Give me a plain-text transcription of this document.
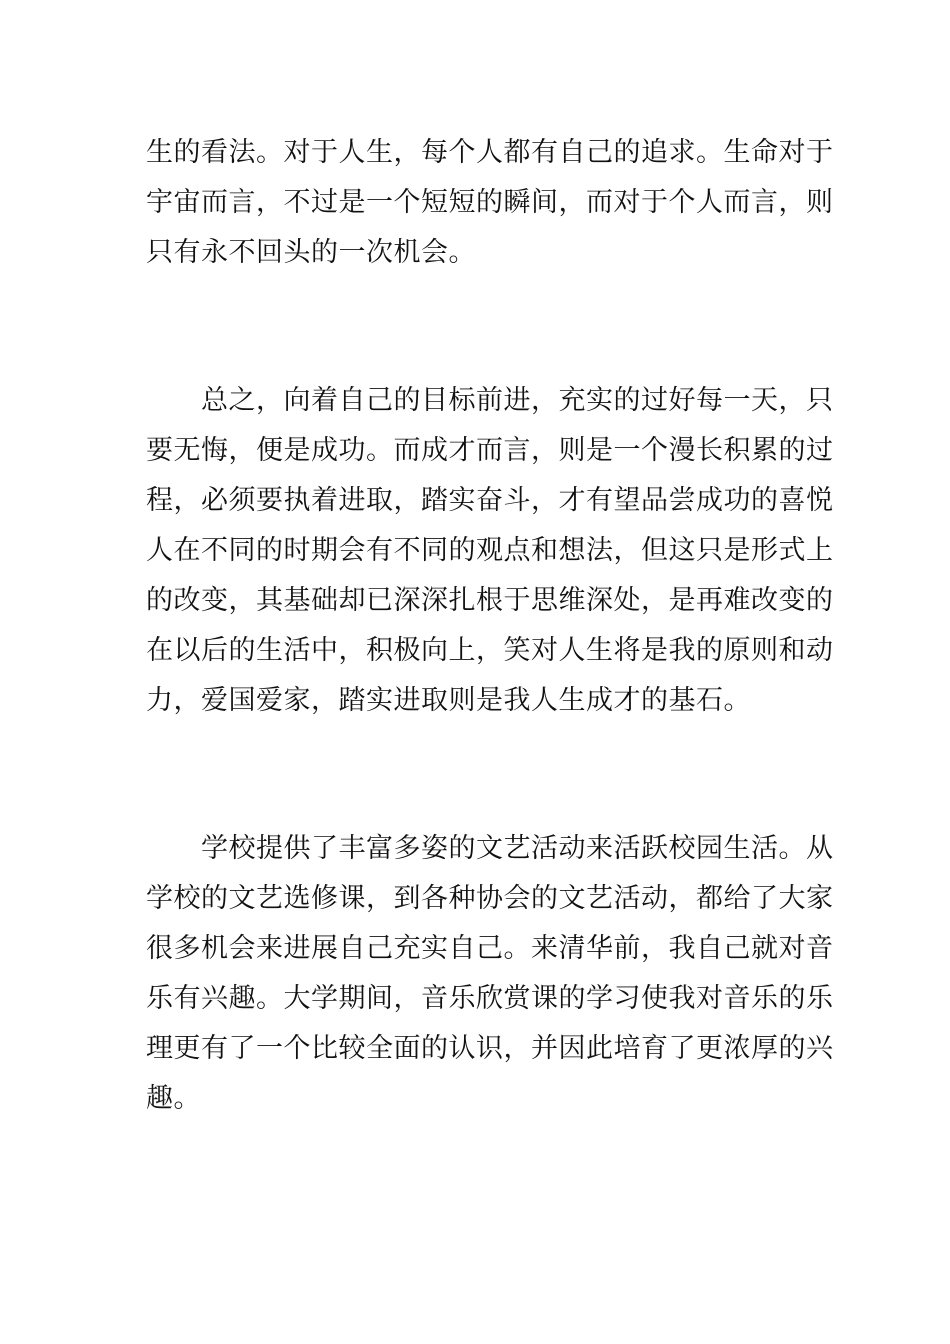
生的看法。对于人生，每个人都有自己的追求。生命对于
宇宙而言，不过是一个短短的瞬间，而对于个人而言，则
只有永不回头的一次机会。
　　总之，向着自己的目标前进，充实的过好每一天，只
要无悔，便是成功。而成才而言，则是一个漫长积累的过
程，必须要执着进取，踏实奋斗，才有望品尝成功的喜悦
人在不同的时期会有不同的观点和想法，但这只是形式上
的改变，其基础却已深深扎根于思维深处，是再难改变的
在以后的生活中，积极向上，笑对人生将是我的原则和动
力，爱国爱家，踏实进取则是我人生成才的基石。
　　学校提供了丰富多姿的文艺活动来活跃校园生活。从
学校的文艺选修课，到各种协会的文艺活动，都给了大家
很多机会来进展自己充实自己。来清华前，我自己就对音
乐有兴趣。大学期间，音乐欣赏课的学习使我对音乐的乐
理更有了一个比较全面的认识，并因此培育了更浓厚的兴
趣。
